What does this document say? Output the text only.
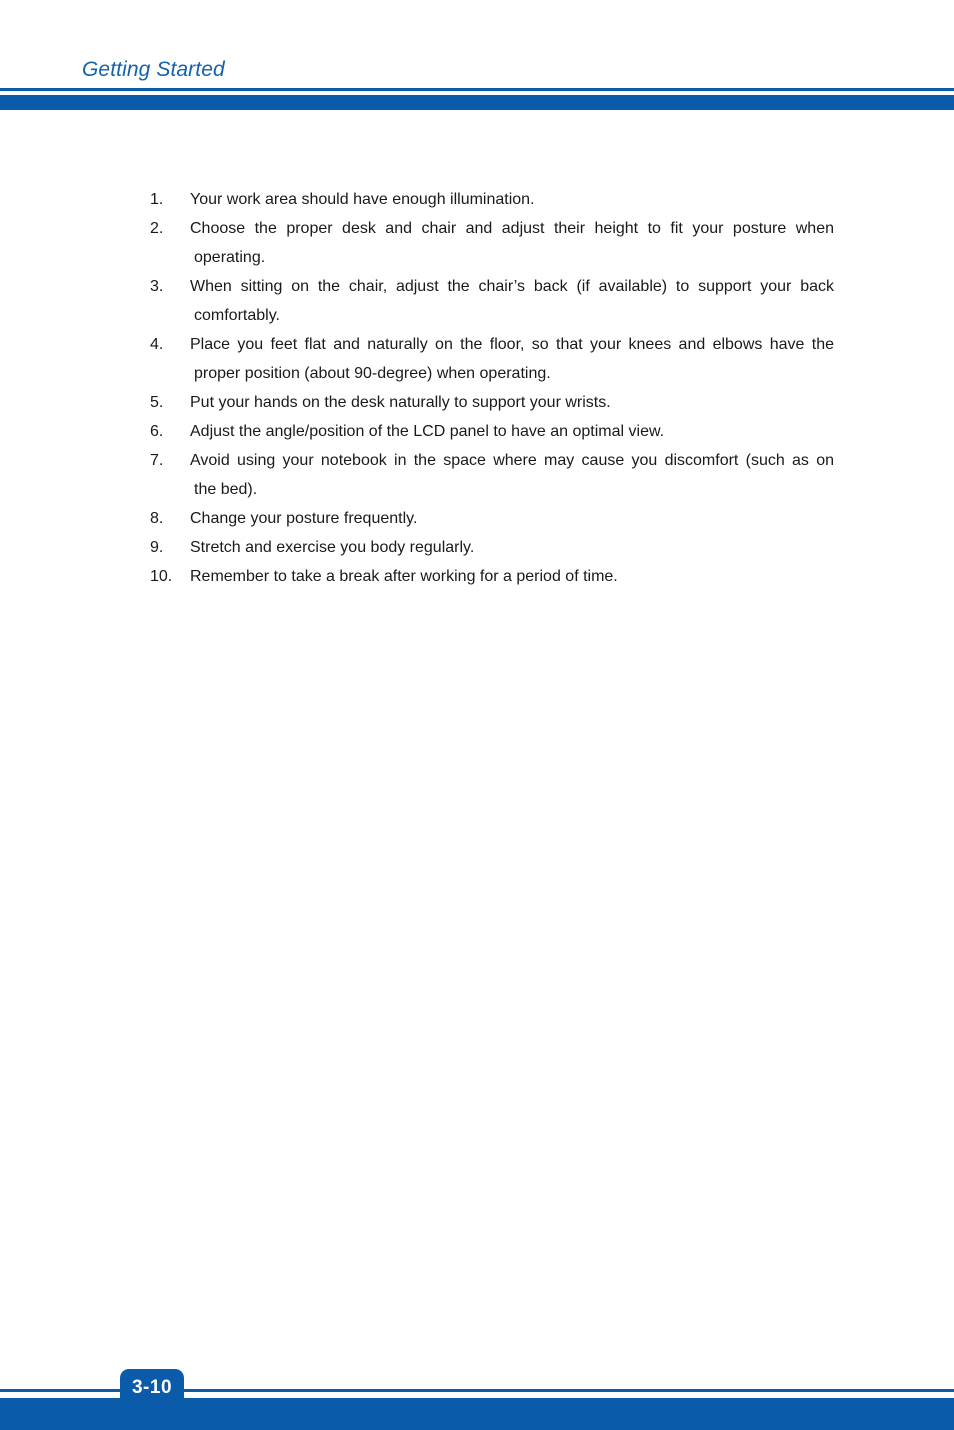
Getting Started
1. Your work area should have enough illumination.
2. Choose the proper desk and chair and adjust their height to fit your posture when
operating.
3. When sitting on the chair, adjust the chair’s back (if available) to support your back
comfortably.
4. Place you feet flat and naturally on the floor, so that your knees and elbows have the
proper position (about 90-degree) when operating.
5. Put your hands on the desk naturally to support your wrists.
6. Adjust the angle/position of the LCD panel to have an optimal view.
7. Avoid using your notebook in the space where may cause you discomfort (such as on
the bed).
8. Change your posture frequently.
9. Stretch and exercise you body regularly.
10. Remember to take a break after working for a period of time.
3-10
